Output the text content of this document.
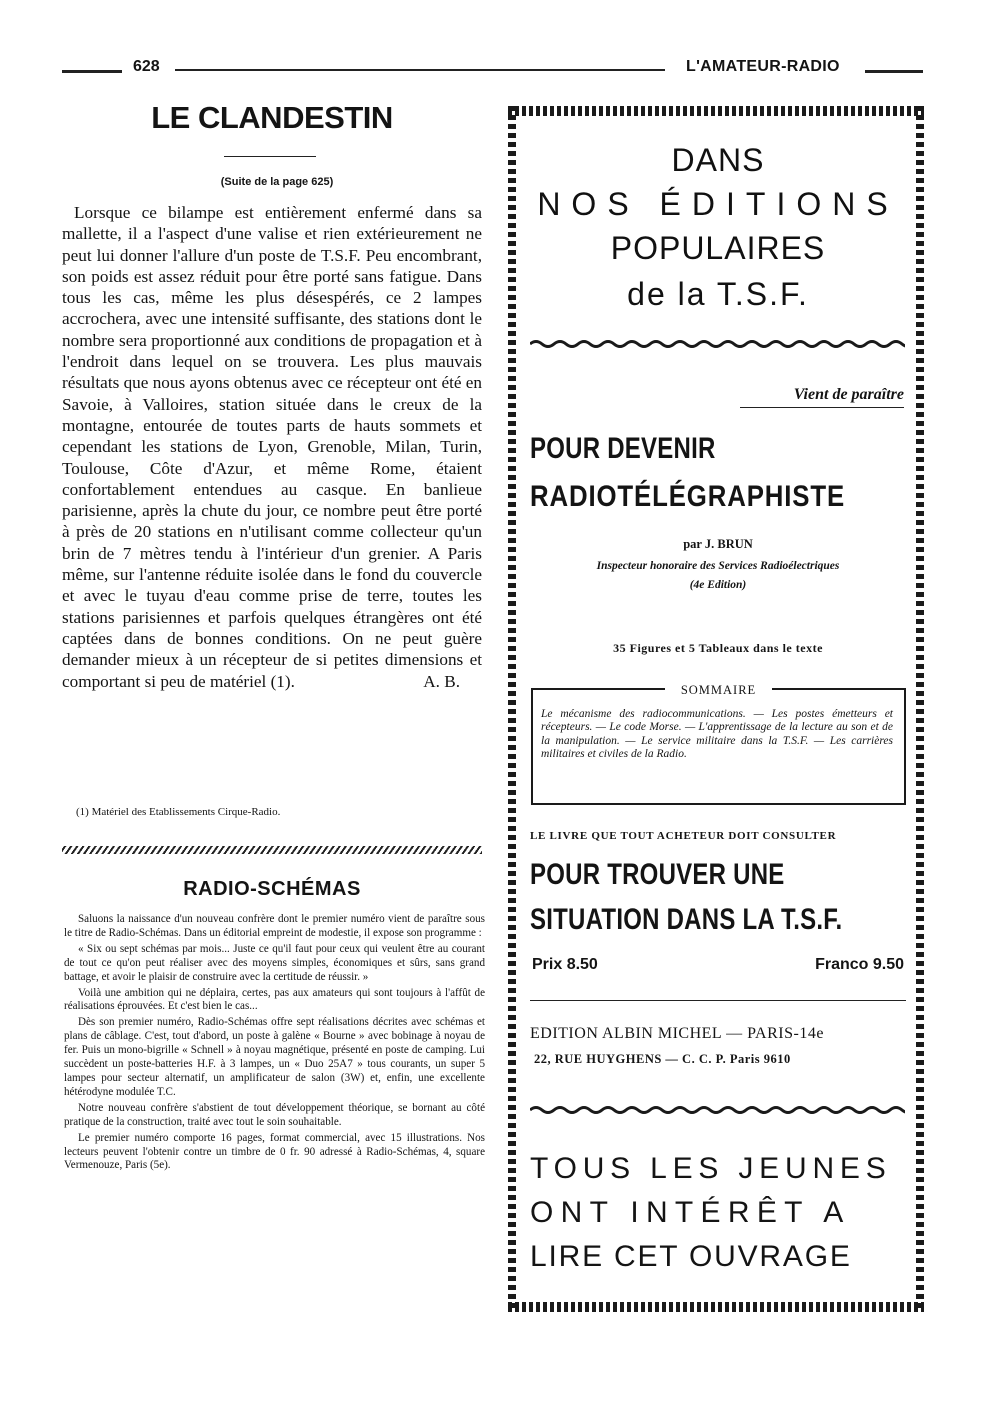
628	L'AMATEUR-RADIO
LE CLANDESTIN
(Suite de la page 625)

Lorsque ce bilampe est entièrement enfermé dans sa mallette, il a l'aspect d'une valise et rien extérieurement ne peut lui donner l'allure d'un poste de T.S.F. Peu encombrant, son poids est assez réduit pour être porté sans fatigue. Dans tous les cas, même les plus désespérés, ce 2 lampes accrochera, avec une intensité suffisante, des stations dont le nombre sera proportionné aux conditions de propagation et à l'endroit dans lequel on se trouvera. Les plus mauvais résultats que nous ayons obtenus avec ce récepteur ont été en Savoie, à Valloires, station située dans le creux de la montagne, entourée de toutes parts de hauts sommets et cependant les stations de Lyon, Grenoble, Milan, Turin, Toulouse, Côte d'Azur, et même Rome, étaient confortablement entendues au casque. En banlieue parisienne, après la chute du jour, ce nombre peut être porté à près de 20 stations en n'utilisant comme collecteur qu'un brin de 7 mètres tendu à l'intérieur d'un grenier. A Paris même, sur l'antenne réduite isolée dans le fond du couvercle et avec le tuyau d'eau comme prise de terre, toutes les stations parisiennes et parfois quelques étrangères ont été captées dans de bonnes conditions. On ne peut guère demander mieux à un récepteur de si petites dimensions et comportant si peu de matériel (1).	A. B.

(1) Matériel des Etablissements Cirque-Radio.
RADIO-SCHÉMAS

Saluons la naissance d'un nouveau confrère dont le premier numéro vient de paraître sous le titre de Radio-Schémas. Dans un éditorial empreint de modestie, il expose son programme :

« Six ou sept schémas par mois... Juste ce qu'il faut pour ceux qui veulent être au courant de tout ce qu'on peut réaliser avec des moyens simples, économiques et sûrs, sans grand battage, et avoir le plaisir de construire avec la certitude de réussir. »

Voilà une ambition qui ne déplaira, certes, pas aux amateurs qui sont toujours à l'affût de réalisations éprouvées. Et c'est bien le cas...

Dès son premier numéro, Radio-Schémas offre sept réalisations décrites avec schémas et plans de câblage. C'est, tout d'abord, un poste à galène « Bourne » avec bobinage à noyau de fer. Puis un mono-bigrille « Schnell » à noyau magnétique, présenté en poste de camping. Lui succèdent un poste-batteries H.F. à 3 lampes, un « Duo 25A7 » tous courants, un super 5 lampes pour secteur alternatif, un amplificateur de salon (3W) et, enfin, une excellente hétérodyne modulée T.C.

Notre nouveau confrère s'abstient de tout développement théorique, se bornant au côté pratique de la construction, traité avec tout le soin souhaitable.

Le premier numéro comporte 16 pages, format commercial, avec 15 illustrations. Nos lecteurs peuvent l'obtenir contre un timbre de 0 fr. 90 adressé à Radio-Schémas, 4, square Vermenouze, Paris (5e).

DANS
NOS ÉDITIONS
POPULAIRES
de la T.S.F.
Vient de paraître
POUR DEVENIR
RADIOTÉLÉGRAPHISTE
par J. BRUN
Inspecteur honoraire des Services Radioélectriques
(4e Edition)
35 Figures et 5 Tableaux dans le texte
SOMMAIRE
Le mécanisme des radiocommunications. — Les postes émetteurs et récepteurs. — Le code Morse. — L'apprentissage de la lecture au son et de la manipulation. — Le service militaire dans la T.S.F. — Les carrières militaires et civiles de la Radio.
LE LIVRE QUE TOUT ACHETEUR DOIT CONSULTER
POUR TROUVER UNE
SITUATION DANS LA T.S.F.
Prix 8.50	Franco 9.50
EDITION ALBIN MICHEL — PARIS-14e
22, RUE HUYGHENS — C. C. P. Paris 9610
TOUS LES JEUNES
ONT INTÉRÊT A
LIRE CET OUVRAGE
